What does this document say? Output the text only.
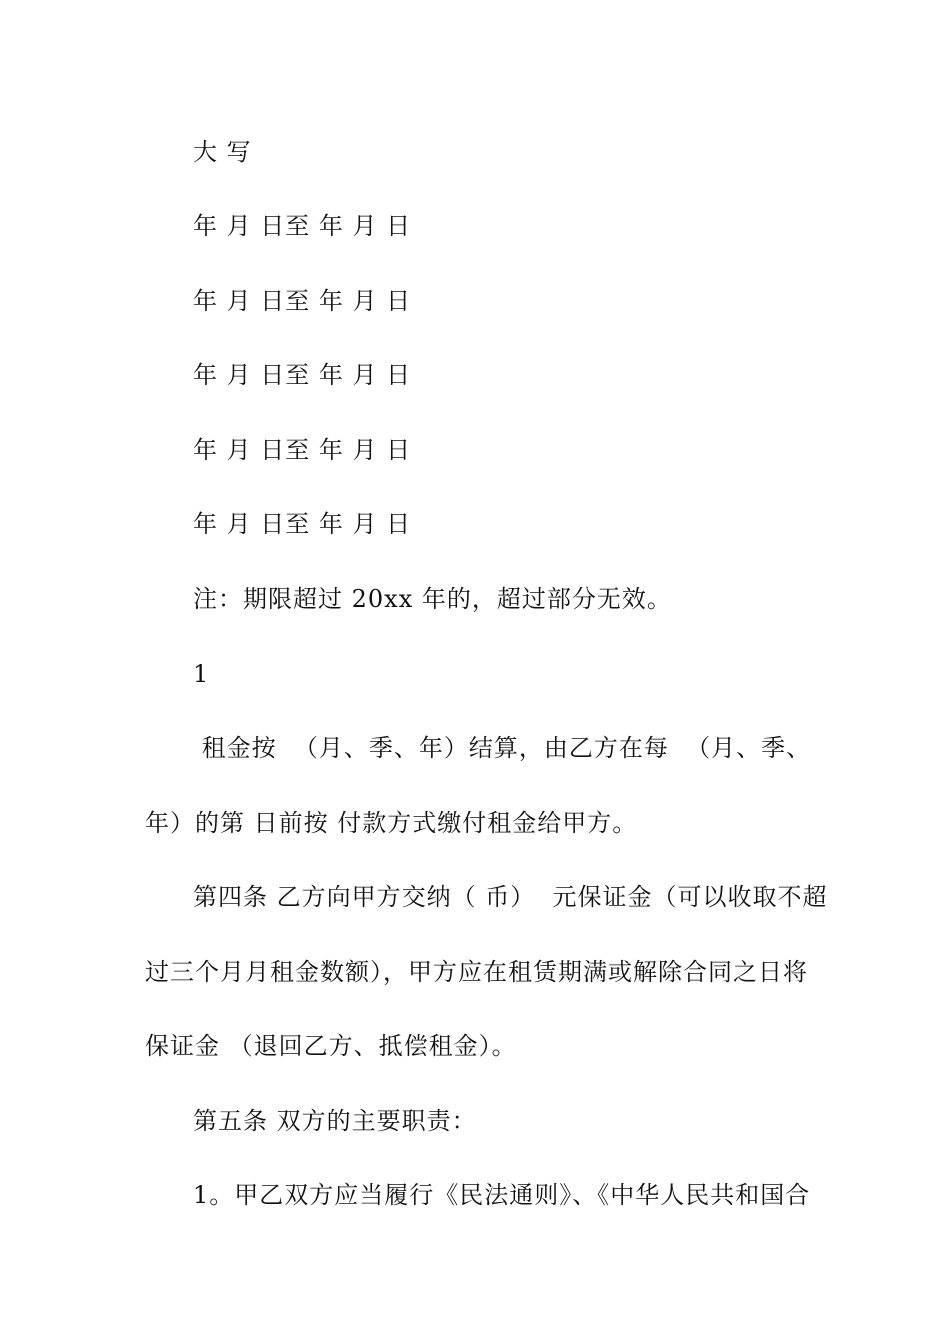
大 写
年 月 日至 年 月 日
年 月 日至 年 月 日
年 月 日至 年 月 日
年 月 日至 年 月 日
年 月 日至 年 月 日
注：期限超过 20xx 年的，超过部分无效。
1
租金按  （月、季、年）结算，由乙方在每  （月、季、
年）的第 日前按 付款方式缴付租金给甲方。
第四条 乙方向甲方交纳（ 币）  元保证金（可以收取不超
过三个月月租金数额），甲方应在租赁期满或解除合同之日将
保证金 （退回乙方、抵偿租金）。
第五条 双方的主要职责：
1。甲乙双方应当履行《民法通则》、《中华人民共和国合
